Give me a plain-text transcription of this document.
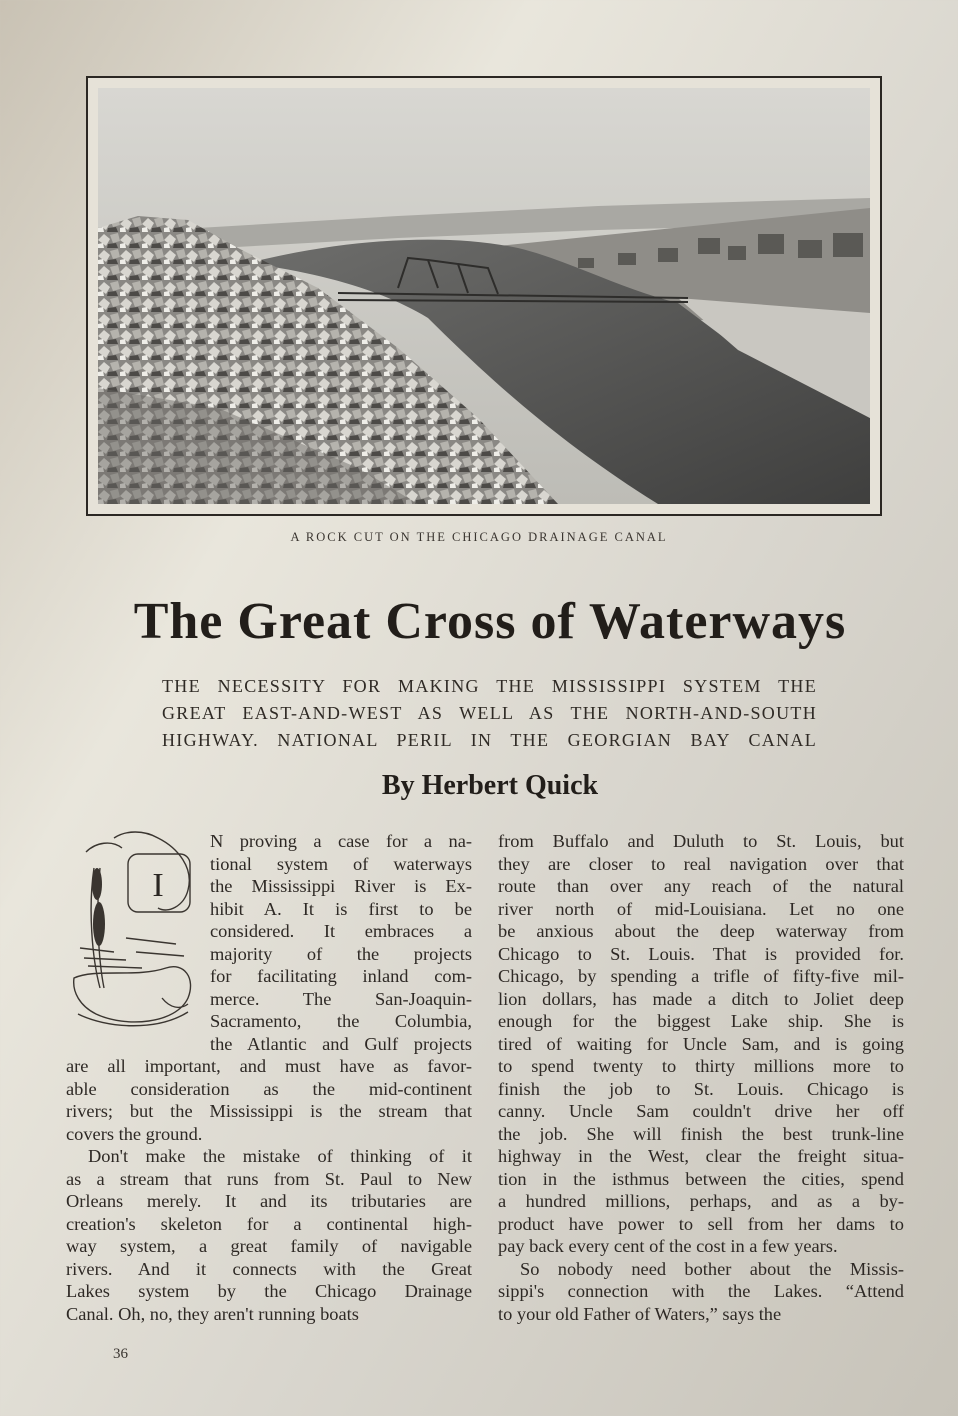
A ROCK CUT ON THE CHICAGO DRAINAGE CANAL
The Great Cross of Waterways
THE NECESSITY FOR MAKING THE MISSISSIPPI SYSTEM THE
GREAT EAST-AND-WEST AS WELL AS THE NORTH-AND-SOUTH
HIGHWAY. NATIONAL PERIL IN THE GEORGIAN BAY CANAL
By Herbert Quick
I
N proving a case for a na-
tional system of waterways
the Mississippi River is Ex-
hibit A. It is first to be
considered. It embraces a
majority of the projects
for facilitating inland com-
merce. The San-Joaquin-
Sacramento, the Columbia,
the Atlantic and Gulf projects
are all important, and must have as favor-
able consideration as the mid-continent
rivers; but the Mississippi is the stream that
covers the ground.
Don't make the mistake of thinking of it
as a stream that runs from St. Paul to New
Orleans merely. It and its tributaries are
creation's skeleton for a continental high-
way system, a great family of navigable
rivers. And it connects with the Great
Lakes system by the Chicago Drainage
Canal. Oh, no, they aren't running boats
from Buffalo and Duluth to St. Louis, but
they are closer to real navigation over that
route than over any reach of the natural
river north of mid-Louisiana. Let no one
be anxious about the deep waterway from
Chicago to St. Louis. That is provided for.
Chicago, by spending a trifle of fifty-five mil-
lion dollars, has made a ditch to Joliet deep
enough for the biggest Lake ship. She is
tired of waiting for Uncle Sam, and is going
to spend twenty to thirty millions more to
finish the job to St. Louis. Chicago is
canny. Uncle Sam couldn't drive her off
the job. She will finish the best trunk-line
highway in the West, clear the freight situa-
tion in the isthmus between the cities, spend
a hundred millions, perhaps, and as a by-
product have power to sell from her dams to
pay back every cent of the cost in a few years.
So nobody need bother about the Missis-
sippi's connection with the Lakes. “Attend
to your old Father of Waters,” says the
36
